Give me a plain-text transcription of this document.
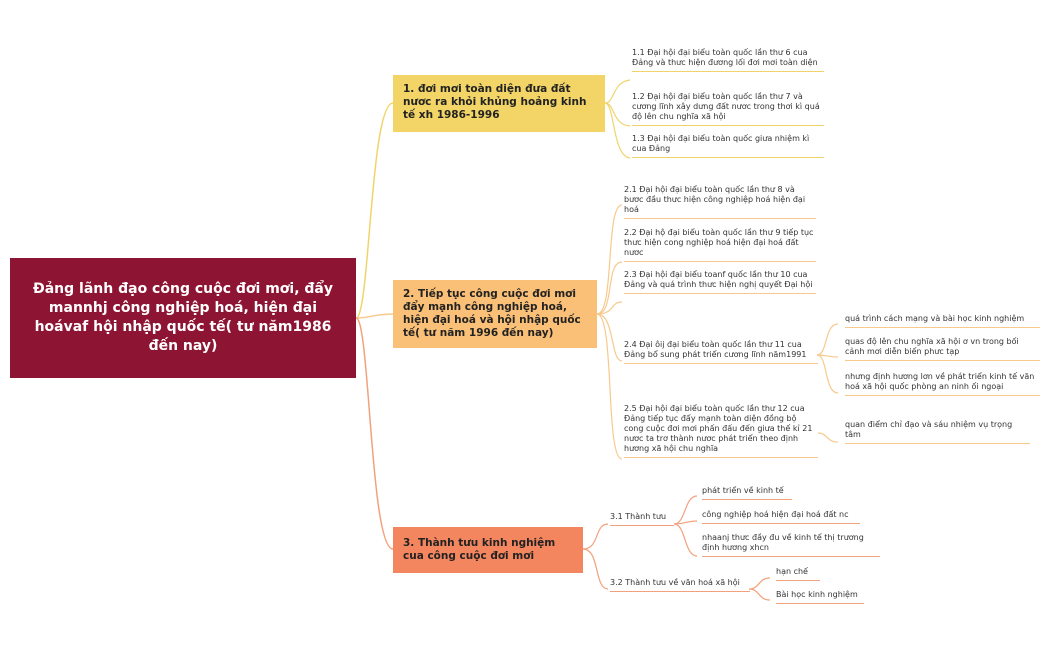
Đảng lãnh đạo công cuộc đơi mơi, đẩy mannhj công nghiệp hoá, hiện đại hoávaf hội nhập quốc tế( tư năm1986 đến nay)
1. đơi mơi toàn diện đưa đất nươc ra khỏi khủng hoảng kinh tế xh 1986-1996
2. Tiếp tục công cuộc đơi mơi đẩy mạnh công nghiệp hoá, hiện đại hoá và hội nhập quốc tế( tư năm 1996 đến nay)
3. Thành tưu kinh nghiệm cua công cuộc đơi mơi
1.1 Đại hội đại biểu toàn quốc lần thư 6 cua Đảng và thưc hiện đương lối đơi mơi toàn diện
1.2 Đại hội đại biểu toàn quốc lần thư 7 và cương lĩnh xây dưng đất nươc trong thơi kì quá độ lên chu nghĩa xã hội
1.3 Đại hội đại biểu toàn quốc giưa nhiệm kì cua Đảng
2.1 Đại hội đại biểu toàn quốc lần thư 8 và bươc đầu thưc hiện công nghiệp hoá hiện đại hoá
2.2 Đại hộ đại biểu toàn quốc lần thư 9 tiếp tục thưc hiện cong nghiệp hoá hiện đại hoá đất nươc
2.3 Đại hội đại biểu toanf quốc lần thư 10 cua Đảng và quá trình thưc hiện nghị quyết Đại hội
2.4 Đại ôij đại biểu toàn quốc lần thư 11 cua Đảng bổ sung phát triển cương lĩnh năm1991
2.5 Đại hội đại biểu toàn quốc lần thư 12 cua Đảng tiếp tục đẩy mạnh toàn diện đồng bộ cong cuộc đơi mơi phấn đấu đến giưa thế kỉ 21 nươc ta trơ thành nươc phát triển theo định hương xã hội chu nghĩa
quá trình cách mạng và bài học kinh nghiệm
quas độ lên chu nghĩa xã hội ơ vn trong bối cảnh mơi diễn biến phưc tạp
nhưng định hương lơn về phát triển kinh tế văn hoá xã hội quốc phòng an ninh ối ngoại
quan điểm chỉ đạo và sáu nhiệm vụ trọng tâm
3.1 Thành tưu
3.2 Thành tưu về văn hoá xã hội
phát triển về kinh tế
công nghiệp hoá hiện đại hoá đất nc
nhaanj thưc đầy đu về kinh tế thị trương định hương xhcn
hạn chế
Bài học kinh nghiệm
